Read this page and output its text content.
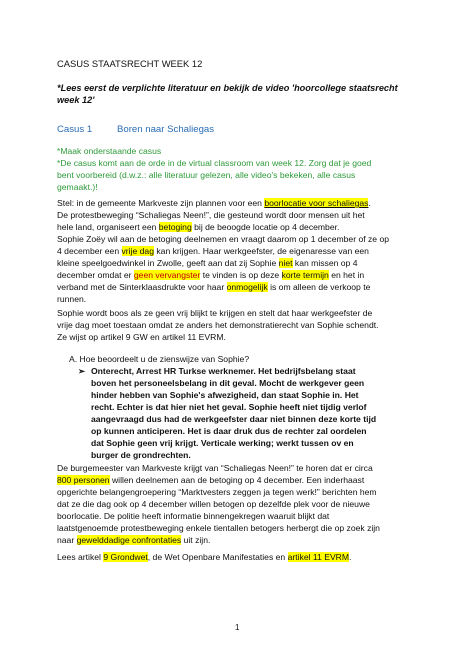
CASUS STAATSRECHT WEEK 12
*Lees eerst de verplichte literatuur en bekijk de video 'hoorcollege staatsrecht
week 12'
Casus 1	Boren naar Schaliegas
*Maak onderstaande casus
*De casus komt aan de orde in de virtual classroom van week 12. Zorg dat je goed
bent voorbereid (d.w.z.: alle literatuur gelezen, alle video's bekeken, alle casus
gemaakt.)!
Stel: in de gemeente Markveste zijn plannen voor een boorlocatie voor schaliegas.
De protestbeweging “Schaliegas Neen!”, die gesteund wordt door mensen uit het
hele land, organiseert een betoging bij de beoogde locatie op 4 december.
Sophie Zoëy wil aan de betoging deelnemen en vraagt daarom op 1 december of ze op
4 december een vrije dag kan krijgen. Haar werkgeefster, de eigenaresse van een
kleine speelgoedwinkel in Zwolle, geeft aan dat zij Sophie niet kan missen op 4
december omdat er geen vervangster te vinden is op deze korte termijn en het in
verband met de Sinterklaasdrukte voor haar onmogelijk is om alleen de verkoop te
runnen.
Sophie wordt boos als ze geen vrij blijkt te krijgen en stelt dat haar werkgeefster de
vrije dag moet toestaan omdat ze anders het demonstratierecht van Sophie schendt.
Ze wijst op artikel 9 GW en artikel 11 EVRM.
A. Hoe beoordeelt u de zienswijze van Sophie?
➢ Onterecht, Arrest HR Turkse werknemer. Het bedrijfsbelang staat
boven het personeelsbelang in dit geval. Mocht de werkgever geen
hinder hebben van Sophie's afwezigheid, dan staat Sophie in. Het
recht. Echter is dat hier niet het geval. Sophie heeft niet tijdig verlof
aangevraagd dus had de werkgeefster daar niet binnen deze korte tijd
op kunnen anticiperen. Het is daar druk dus de rechter zal oordelen
dat Sophie geen vrij krijgt. Verticale werking; werkt tussen ov en
burger de grondrechten.
De burgemeester van Markveste krijgt van “Schaliegas Neen!” te horen dat er circa
800 personen willen deelnemen aan de betoging op 4 december. Een inderhaast
opgerichte belangengroepering “Marktvesters zeggen ja tegen werk!” berichten hem
dat ze die dag ook op 4 december willen betogen op dezelfde plek voor de nieuwe
boorlocatie. De politie heeft informatie binnengekregen waaruit blijkt dat
laatstgenoemde protestbeweging enkele tientallen betogers herbergt die op zoek zijn
naar gewelddadige confrontaties uit zijn.
Lees artikel 9 Grondwet, de Wet Openbare Manifestaties en artikel 11 EVRM.
1
